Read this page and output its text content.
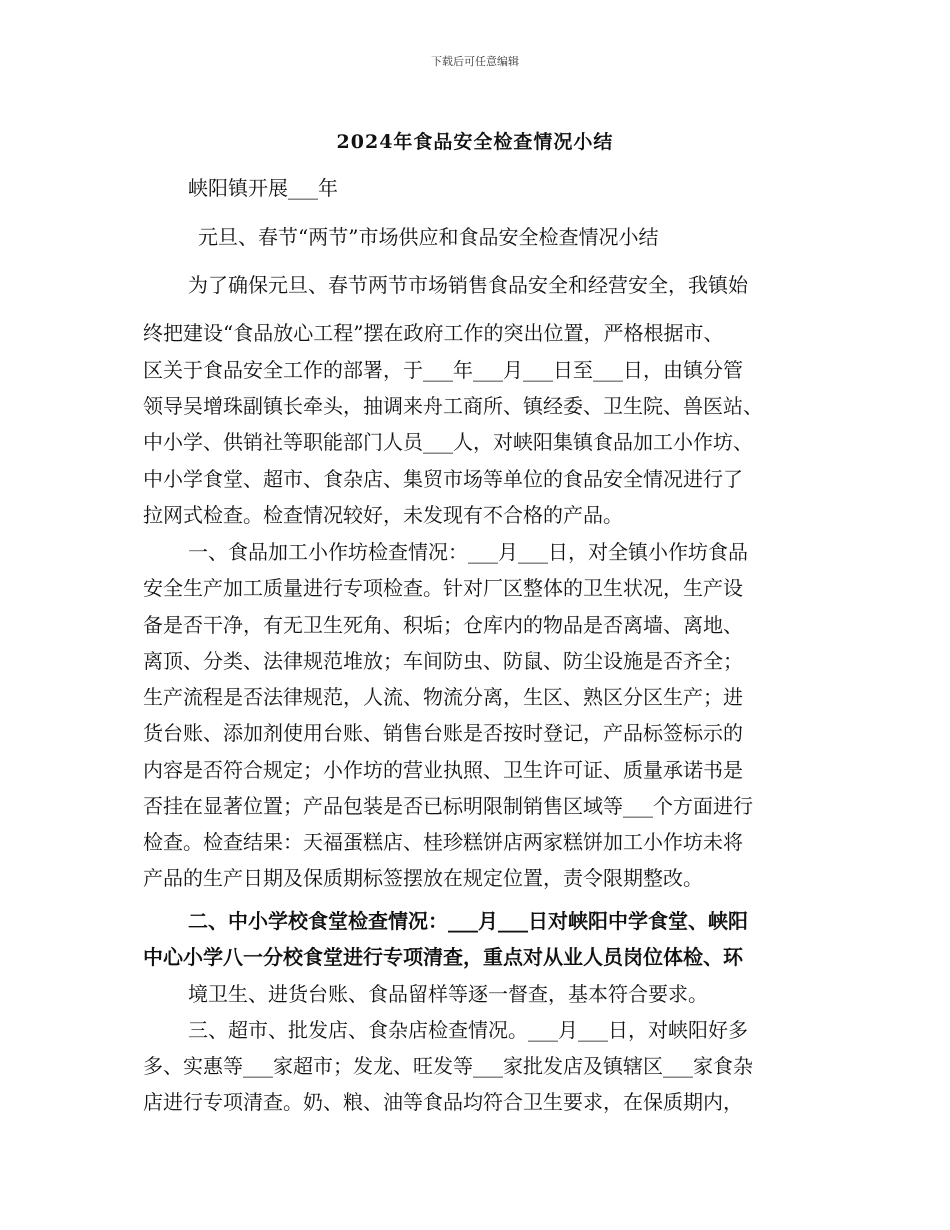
下载后可任意编辑
2024年食品安全检查情况小结
峡阳镇开展___年
元旦、春节“两节”市场供应和食品安全检查情况小结
为了确保元旦、春节两节市场销售食品安全和经营安全，我镇始
终把建设“食品放心工程”摆在政府工作的突出位置，严格根据市、
区关于食品安全工作的部署，于___年___月___日至___日，由镇分管
领导吴增珠副镇长牵头，抽调来舟工商所、镇经委、卫生院、兽医站、
中小学、供销社等职能部门人员___人，对峡阳集镇食品加工小作坊、
中小学食堂、超市、食杂店、集贸市场等单位的食品安全情况进行了
拉网式检查。检查情况较好，未发现有不合格的产品。
一、食品加工小作坊检查情况：___月___日，对全镇小作坊食品
安全生产加工质量进行专项检查。针对厂区整体的卫生状况，生产设
备是否干净，有无卫生死角、积垢；仓库内的物品是否离墙、离地、
离顶、分类、法律规范堆放；车间防虫、防鼠、防尘设施是否齐全；
生产流程是否法律规范，人流、物流分离，生区、熟区分区生产；进
货台账、添加剂使用台账、销售台账是否按时登记，产品标签标示的
内容是否符合规定；小作坊的营业执照、卫生许可证、质量承诺书是
否挂在显著位置；产品包装是否已标明限制销售区域等___个方面进行
检查。检查结果：天福蛋糕店、桂珍糕饼店两家糕饼加工小作坊未将
产品的生产日期及保质期标签摆放在规定位置，责令限期整改。
二、中小学校食堂检查情况：___月___日对峡阳中学食堂、峡阳
中心小学八一分校食堂进行专项清查，重点对从业人员岗位体检、环
境卫生、进货台账、食品留样等逐一督查，基本符合要求。
三、超市、批发店、食杂店检查情况。___月___日，对峡阳好多
多、实惠等___家超市；发龙、旺发等___家批发店及镇辖区___家食杂
店进行专项清查。奶、粮、油等食品均符合卫生要求，在保质期内，
